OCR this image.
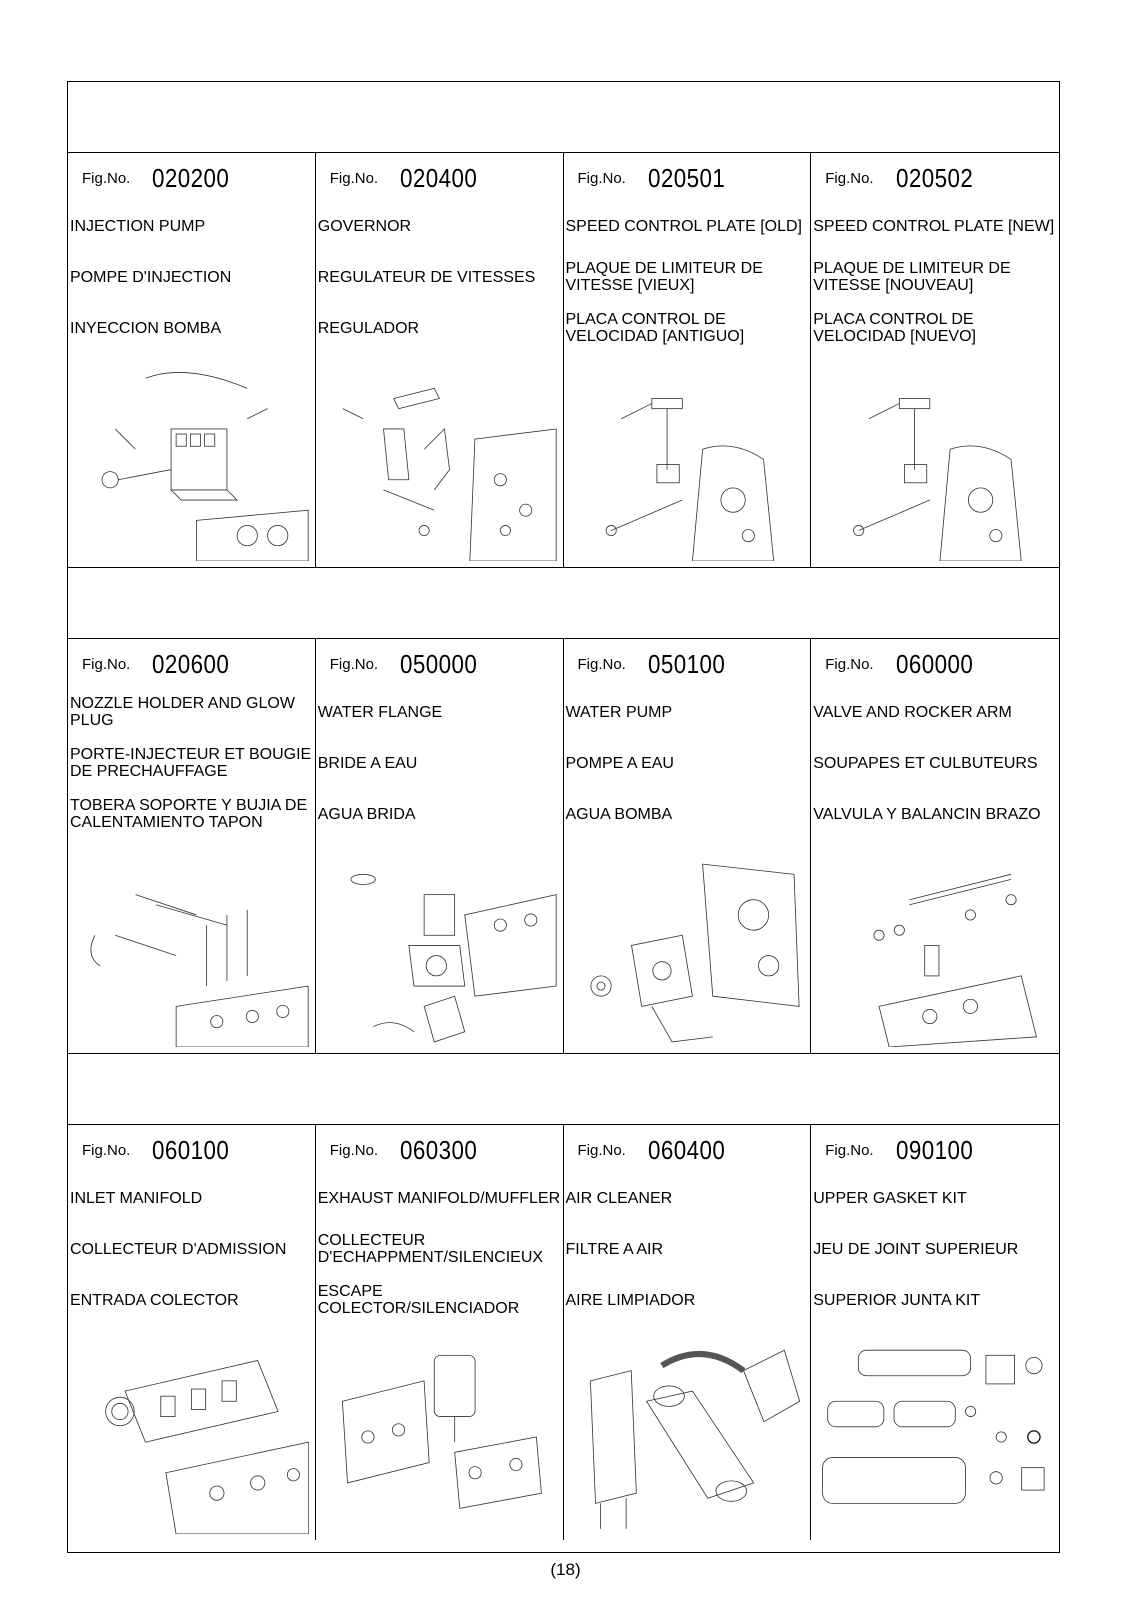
Fig.No. 020200
INJECTION PUMP
POMPE D'INJECTION
INYECCION BOMBA
Fig.No. 020400
GOVERNOR
REGULATEUR DE VITESSES
REGULADOR
Fig.No. 020501
SPEED CONTROL PLATE [OLD]
PLAQUE DE LIMITEUR DE VITESSE [VIEUX]
PLACA CONTROL DE VELOCIDAD [ANTIGUO]
Fig.No. 020502
SPEED CONTROL PLATE [NEW]
PLAQUE DE LIMITEUR DE VITESSE [NOUVEAU]
PLACA CONTROL DE VELOCIDAD [NUEVO]
Fig.No. 020600
NOZZLE HOLDER AND GLOW PLUG
PORTE-INJECTEUR ET BOUGIE DE PRECHAUFFAGE
TOBERA SOPORTE Y BUJIA DE CALENTAMIENTO TAPON
Fig.No. 050000
WATER FLANGE
BRIDE A EAU
AGUA BRIDA
Fig.No. 050100
WATER PUMP
POMPE A EAU
AGUA BOMBA
Fig.No. 060000
VALVE AND ROCKER ARM
SOUPAPES ET CULBUTEURS
VALVULA Y BALANCIN BRAZO
Fig.No. 060100
INLET MANIFOLD
COLLECTEUR D'ADMISSION
ENTRADA COLECTOR
Fig.No. 060300
EXHAUST MANIFOLD/MUFFLER
COLLECTEUR D'ECHAPPMENT/SILENCIEUX
ESCAPE COLECTOR/SILENCIADOR
Fig.No. 060400
AIR CLEANER
FILTRE A AIR
AIRE LIMPIADOR
Fig.No. 090100
UPPER GASKET KIT
JEU DE JOINT SUPERIEUR
SUPERIOR JUNTA KIT
(18)
